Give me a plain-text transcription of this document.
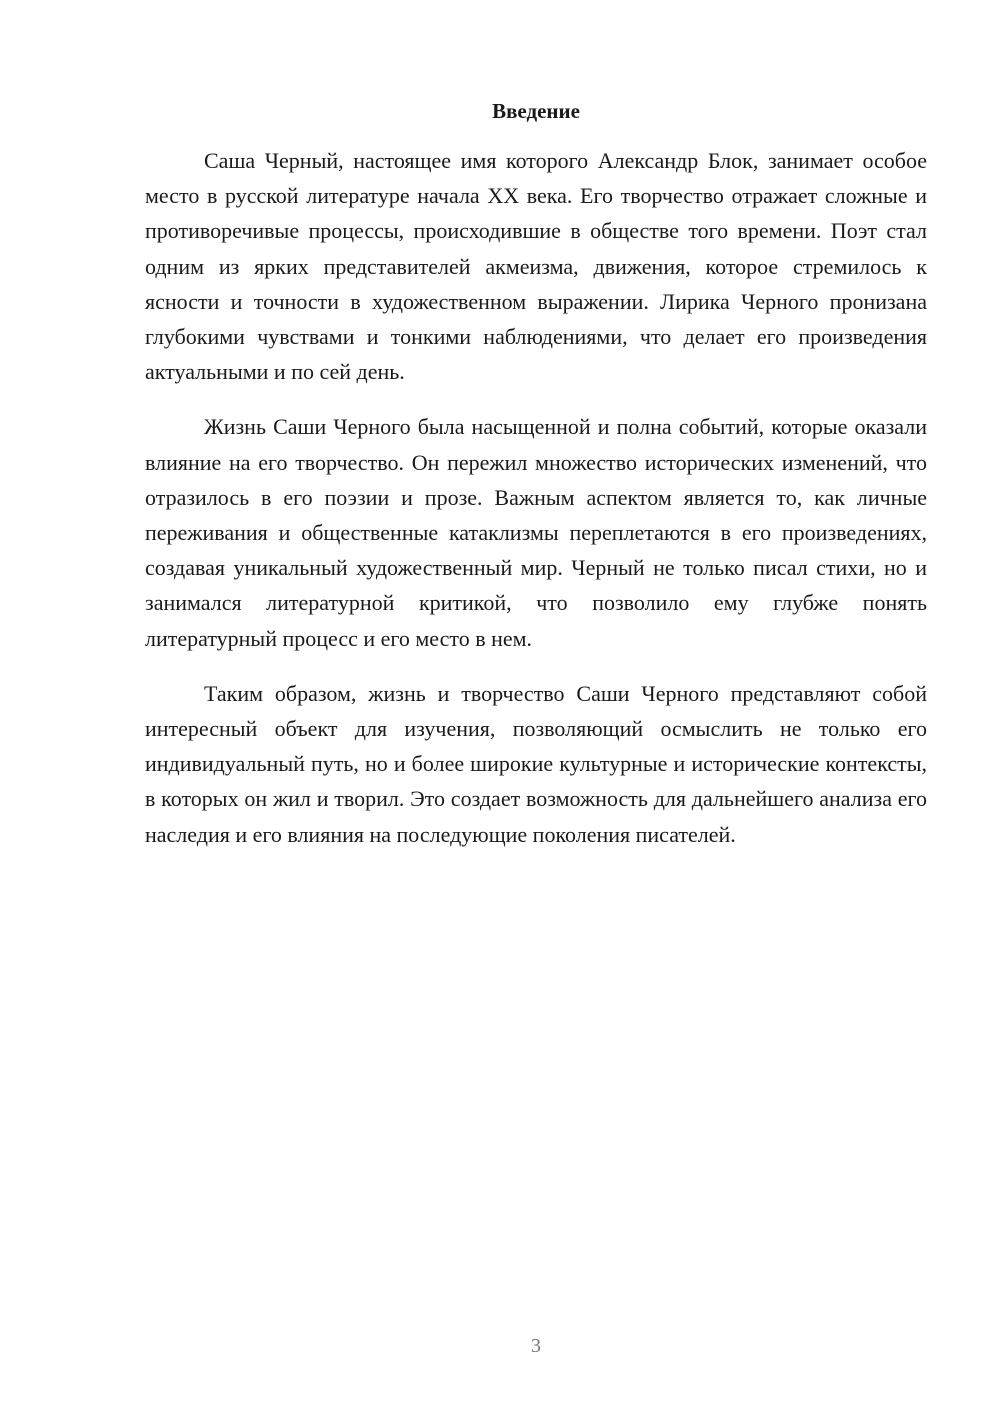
Введение

Саша Черный, настоящее имя которого Александр Блок, занимает особое место в русской литературе начала XX века. Его творчество отражает сложные и противоречивые процессы, происходившие в обществе того времени. Поэт стал одним из ярких представителей акмеизма, движения, которое стремилось к ясности и точности в художественном выражении. Лирика Черного пронизана глубокими чувствами и тонкими наблюдениями, что делает его произведения актуальными и по сей день.

Жизнь Саши Черного была насыщенной и полна событий, которые оказали влияние на его творчество. Он пережил множество исторических изменений, что отразилось в его поэзии и прозе. Важным аспектом является то, как личные переживания и общественные катаклизмы переплетаются в его произведениях, создавая уникальный художественный мир. Черный не только писал стихи, но и занимался литературной критикой, что позволило ему глубже понять литературный процесс и его место в нем.

Таким образом, жизнь и творчество Саши Черного представляют собой интересный объект для изучения, позволяющий осмыслить не только его индивидуальный путь, но и более широкие культурные и исторические контексты, в которых он жил и творил. Это создает возможность для дальнейшего анализа его наследия и его влияния на последующие поколения писателей.

3
